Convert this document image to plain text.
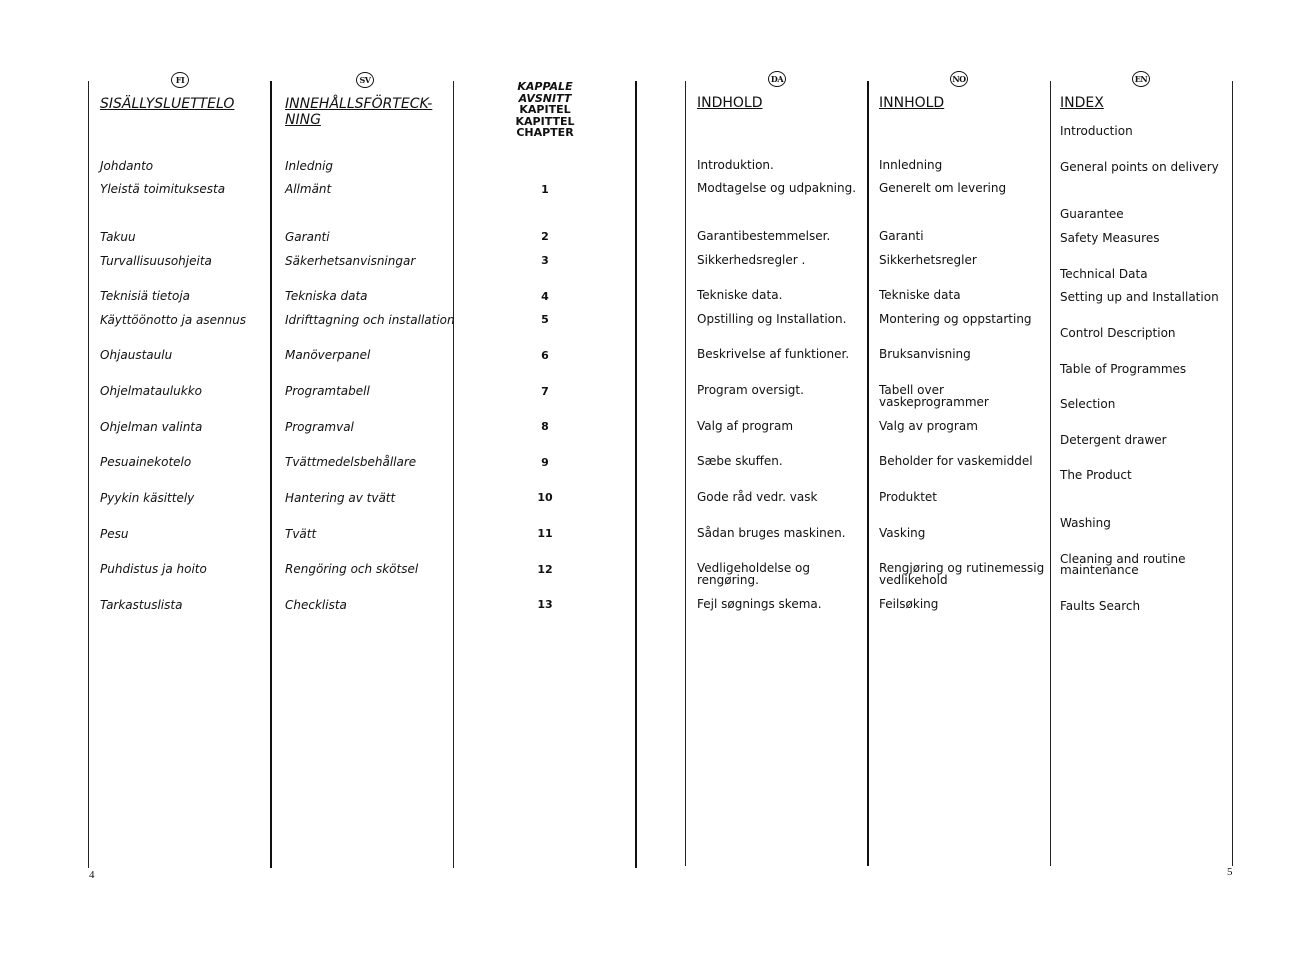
FI
SISÄLLYSLUETTELO
Johdanto
Yleistä toimituksesta
Takuu
Turvallisuusohjeita
Teknisiä tietoja
Käyttöönotto ja asennus
Ohjaustaulu
Ohjelmataulukko
Ohjelman valinta
Pesuainekotelo
Pyykin käsittely
Pesu
Puhdistus ja hoito
Tarkastuslista
SV
INNEHÅLLSFÖRTECK-
NING
Inlednig
Allmänt
Garanti
Säkerhetsanvisningar
Tekniska data
Idrifttagning och installation
Manöverpanel
Programtabell
Programval
Tvättmedelsbehållare
Hantering av tvätt
Tvätt
Rengöring och skötsel
Checklista
KAPPALE
AVSNITT
KAPITEL
KAPITTEL
CHAPTER
1
2
3
4
5
6
7
8
9
10
11
12
13
DA
INDHOLD
Introduktion.
Modtagelse og udpakning.
Garantibestemmelser.
Sikkerhedsregler .
Tekniske data.
Opstilling og Installation.
Beskrivelse af funktioner.
Program oversigt.
Valg af program
Sæbe skuffen.
Gode råd vedr. vask
Sådan bruges maskinen.
Vedligeholdelse og
rengøring.
Fejl søgnings skema.
NO
INNHOLD
Innledning
Generelt om levering
Garanti
Sikkerhetsregler
Tekniske data
Montering og oppstarting
Bruksanvisning
Tabell over
vaskeprogrammer
Valg av program
Beholder for vaskemiddel
Produktet
Vasking
Rengjøring og rutinemessig
vedlikehold
Feilsøking
EN
INDEX
Introduction
General points on delivery
Guarantee
Safety Measures
Technical Data
Setting up and Installation
Control Description
Table of Programmes
Selection
Detergent drawer
The Product
Washing
Cleaning and routine
maintenance
Faults Search
4	5
